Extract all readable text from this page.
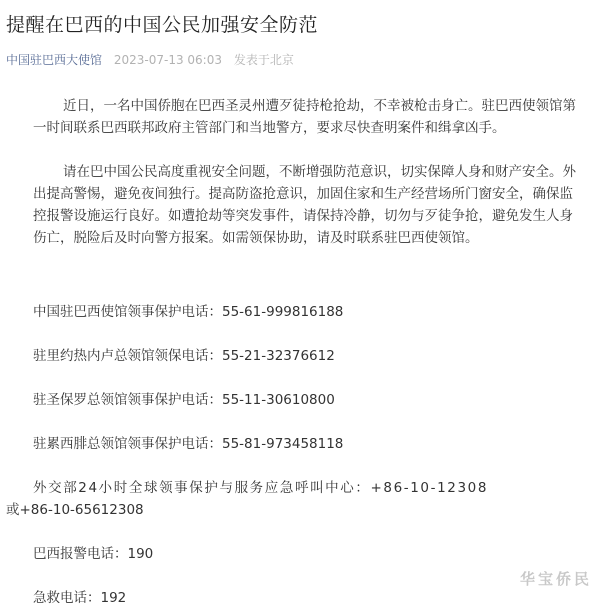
提醒在巴西的中国公民加强安全防范
中国驻巴西大使馆 2023-07-13 06:03 发表于北京

近日，一名中国侨胞在巴西圣灵州遭歹徒持枪抢劫，不幸被枪击身亡。驻巴西使领馆第一时间联系巴西联邦政府主管部门和当地警方，要求尽快查明案件和缉拿凶手。

请在巴中国公民高度重视安全问题，不断增强防范意识，切实保障人身和财产安全。外出提高警惕，避免夜间独行。提高防盗抢意识，加固住家和生产经营场所门窗安全，确保监控报警设施运行良好。如遭抢劫等突发事件，请保持冷静，切勿与歹徒争抢，避免发生人身伤亡，脱险后及时向警方报案。如需领保协助，请及时联系驻巴西使领馆。

中国驻巴西使馆领事保护电话：55-61-999816188
驻里约热内卢总领馆领保电话：55-21-32376612
驻圣保罗总领馆领事保护电话：55-11-30610800
驻累西腓总领馆领事保护电话：55-81-973458118
外交部24小时全球领事保护与服务应急呼叫中心：+86-10-12308
或+86-10-65612308
巴西报警电话：190
急救电话：192
华宝侨民
